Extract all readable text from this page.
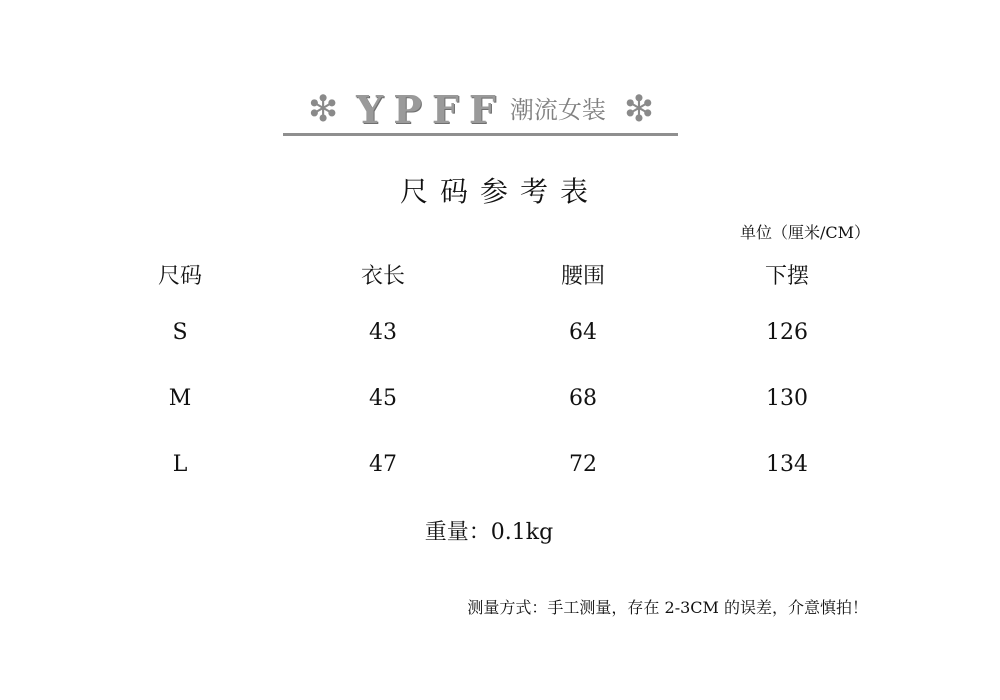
❇ YPFF 潮流女装 ❇
尺码参考表
单位（厘米/CM）
尺码	衣长	腰围	下摆
S	43	64	126
M	45	68	130
L	47	72	134
重量：0.1kg
测量方式：手工测量，存在 2-3CM 的误差，介意慎拍！
